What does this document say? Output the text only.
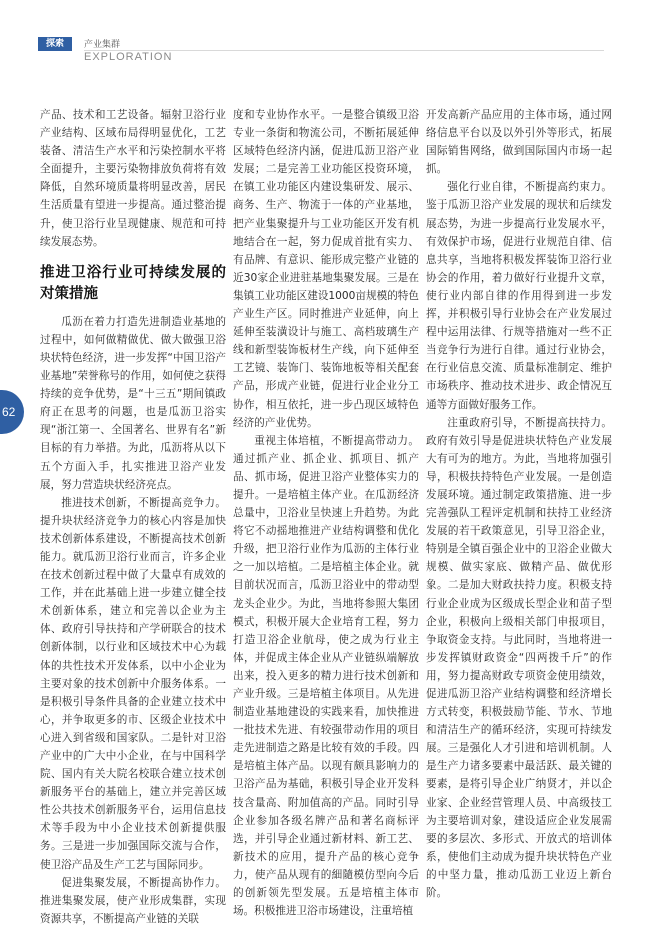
探索	产业集群
EXPLORATION
62

产品、技术和工艺设备。辐射卫浴行业产业结构、区域布局得明显优化，工艺装备、清洁生产水平和污染控制水平将全面提升，主要污染物排放负荷将有效降低，自然环境质量将明显改善，居民生活质量有望进一步提高。通过整治提升，使卫浴行业呈现健康、规范和可持续发展态势。

推进卫浴行业可持续发展的对策措施

瓜沥在着力打造先进制造业基地的过程中，如何做精做优、做大做强卫浴块状特色经济，进一步发挥“中国卫浴产业基地”荣誉称号的作用，如何使之获得持续的竞争优势，是“十三五”期间镇政府正在思考的问题，也是瓜沥卫浴实现“浙江第一、全国著名、世界有名”新目标的有力举措。为此，瓜沥将从以下五个方面入手，扎实推进卫浴产业发展，努力营造块状经济亮点。

推进技术创新，不断提高竞争力。提升块状经济竞争力的核心内容是加快技术创新体系建设，不断提高技术创新能力。就瓜沥卫浴行业而言，许多企业在技术创新过程中做了大量卓有成效的工作，并在此基础上进一步建立健全技术创新体系，建立和完善以企业为主体、政府引导扶持和产学研联合的技术创新体制，以行业和区域技术中心为载体的共性技术开发体系，以中小企业为主要对象的技术创新中介服务体系。一是积极引导条件具备的企业建立技术中心，并争取更多的市、区级企业技术中心进入到省级和国家队。二是针对卫浴产业中的广大中小企业，在与中国科学院、国内有关大院名校联合建立技术创新服务平台的基础上，建立并完善区域性公共技术创新服务平台，运用信息技术等手段为中小企业技术创新提供服务。三是进一步加强国际交流与合作，使卫浴产品及生产工艺与国际同步。

促进集聚发展，不断提高协作力。推进集聚发展，使产业形成集群，实现资源共享，不断提高产业链的关联

度和专业协作水平。一是整合镇级卫浴专业一条街和物流公司，不断拓展延伸区域特色经济内涵，促进瓜沥卫浴产业发展；二是完善工业功能区投资环境，在镇工业功能区内建设集研发、展示、商务、生产、物流于一体的产业基地，把产业集聚提升与工业功能区开发有机地结合在一起，努力促成首批有实力、有品牌、有意识、能形成完整产业链的近30家企业进驻基地集聚发展。三是在集镇工业功能区建设1000亩规模的特色产业生产区。同时推进产业延伸，向上延伸至装潢设计与施工、高档玻璃生产线和新型装饰板材生产线，向下延伸至工艺镜、装饰门、装饰地板等相关配套产品，形成产业链，促进行业企业分工协作，相互依托，进一步凸现区域特色经济的产业优势。

重视主体培植，不断提高带动力。通过抓产业、抓企业、抓项目、抓产品、抓市场，促进卫浴产业整体实力的提升。一是培植主体产业。在瓜沥经济总量中，卫浴业呈快速上升趋势。为此将它不动摇地推进产业结构调整和优化升级，把卫浴行业作为瓜沥的主体行业之一加以培植。二是培植主体企业。就目前状况而言，瓜沥卫浴业中的带动型龙头企业少。为此，当地将参照大集团模式，积极开展大企业培育工程，努力打造卫浴企业航母，使之成为行业主体，并促成主体企业从产业链纵端解放出来，投入更多的精力进行技术创新和产业升级。三是培植主体项目。从先进制造业基地建设的实践来看，加快推进一批技术先进、有较强带动作用的项目走先进制造之路是比较有效的手段。四是培植主体产品。以现有颇具影响力的卫浴产品为基础，积极引导企业开发科技含量高、附加值高的产品。同时引导企业参加各级名牌产品和著名商标评选，并引导企业通过新材料、新工艺、新技术的应用，提升产品的核心竞争力，使产品从现有的細隨模仿型向今后的创新领先型发展。五是培植主体市场。积极推进卫浴市场建设，注重培植

开发高新产品应用的主体市场，通过网络信息平台以及以外引外等形式，拓展国际销售网络，做到国际国内市场一起抓。

强化行业自律，不断提高约束力。鉴于瓜沥卫浴产业发展的现状和后续发展态势，为进一步提高行业发展水平，有效保护市场，促进行业规范自律、信息共享，当地将积极发挥装饰卫浴行业协会的作用，着力做好行业提升文章，使行业内部自律的作用得到进一步发挥，并积极引导行业协会在产业发展过程中运用法律、行规等措施对一些不正当竞争行为进行自律。通过行业协会，在行业信息交流、质量标准制定、维护市场秩序、推动技术进步、政企情况互通等方面做好服务工作。

注重政府引导，不断提高扶持力。政府有效引导是促进块状特色产业发展大有可为的地方。为此，当地将加强引导，积极扶持特色产业发展。一是创造发展环境。通过制定政策措施、进一步完善强队工程评定机制和扶持工业经济发展的若干政策意见，引导卫浴企业，特别是全镇百强企业中的卫浴企业做大规模、做实家底、做精产品、做优形象。二是加大财政扶持力度。积极支持行业企业成为区级成长型企业和苗子型企业，积极向上级相关部门申报项目，争取资金支持。与此同时，当地将进一步发挥镇财政资金“四两拨千斤”的作用，努力提高财政专项资金使用绩效，促进瓜沥卫浴产业结构调整和经济增长方式转变，积极鼓励节能、节水、节地和清洁生产的循环经济，实现可持续发展。三是强化人才引进和培训机制。人是生产力诸多要素中最活跃、最关键的要素，是将引导企业广纳贤才，并以企业家、企业经营管理人员、中高级技工为主要培训对象，建设适应企业发展需要的多层次、多形式、开放式的培训体系，使他们主动成为提升块状特色产业的中坚力量，推动瓜沥工业迈上新台阶。
